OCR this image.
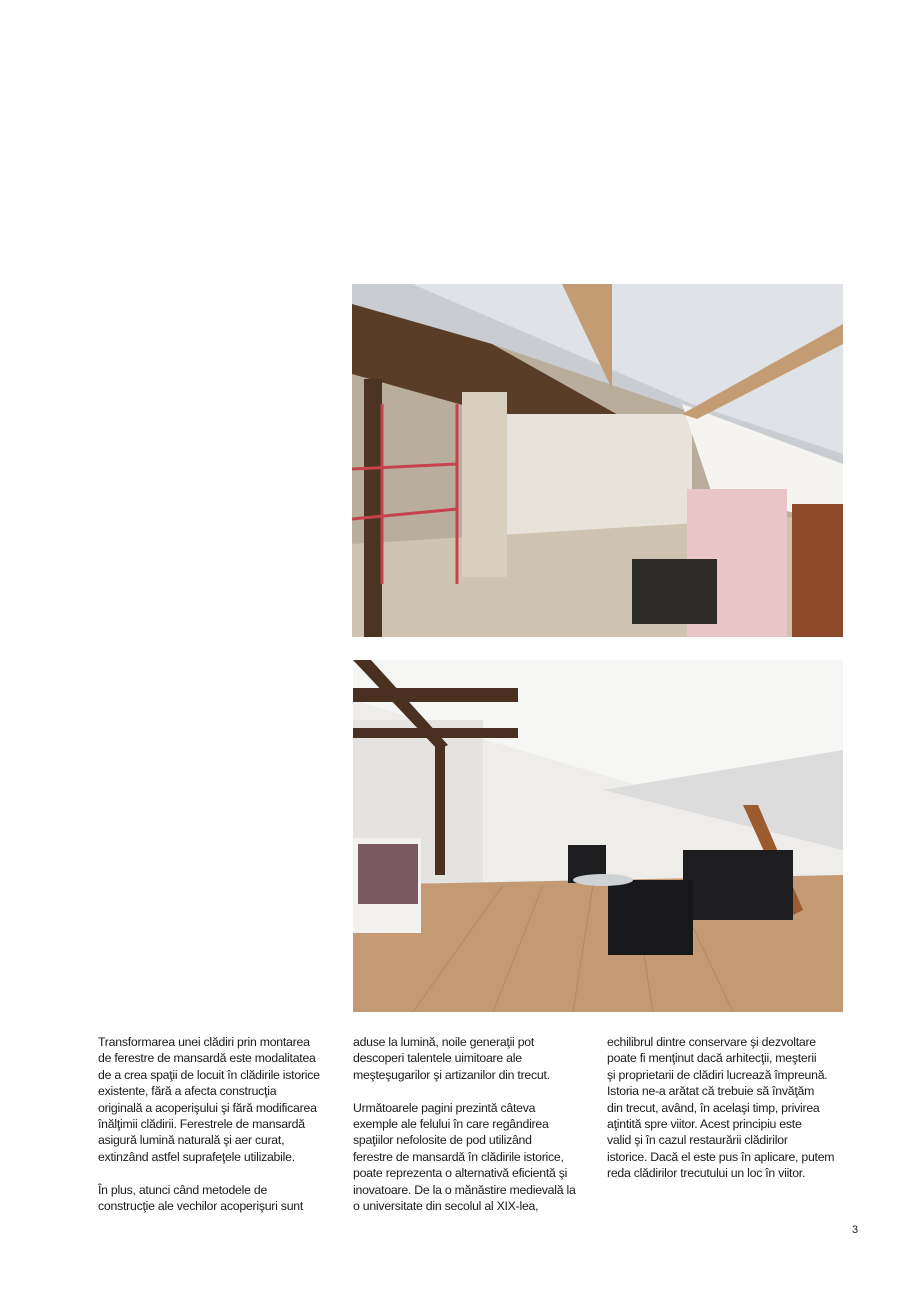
Transformarea unei clădiri prin montarea
de ferestre de mansardă este modalitatea
de a crea spaţii de locuit în clădirile istorice
existente, fără a afecta construcţia
originală a acoperişului şi fără modificarea
înălţimii clădirii. Ferestrele de mansardă
asigură lumină naturală şi aer curat,
extinzând astfel suprafeţele utilizabile.

În plus, atunci când metodele de
construcţie ale vechilor acoperişuri sunt

aduse la lumină, noile generaţii pot
descoperi talentele uimitoare ale
meşteşugarilor şi artizanilor din trecut.

Următoarele pagini prezintă câteva
exemple ale felului în care regândirea
spaţiilor nefolosite de pod utilizând
ferestre de mansardă în clădirile istorice,
poate reprezenta o alternativă eficientă şi
inovatoare. De la o mănăstire medievală la
o universitate din secolul al XIX-lea,

echilibrul dintre conservare şi dezvoltare
poate fi menţinut dacă arhitecţii, meşterii
şi proprietarii de clădiri lucrează împreună.
Istoria ne-a arătat că trebuie să învăţăm
din trecut, având, în acelaşi timp, privirea
aţintită spre viitor. Acest principiu este
valid şi în cazul restaurării clădirilor
istorice. Dacă el este pus în aplicare, putem
reda clădirilor trecutului un loc în viitor.

3
